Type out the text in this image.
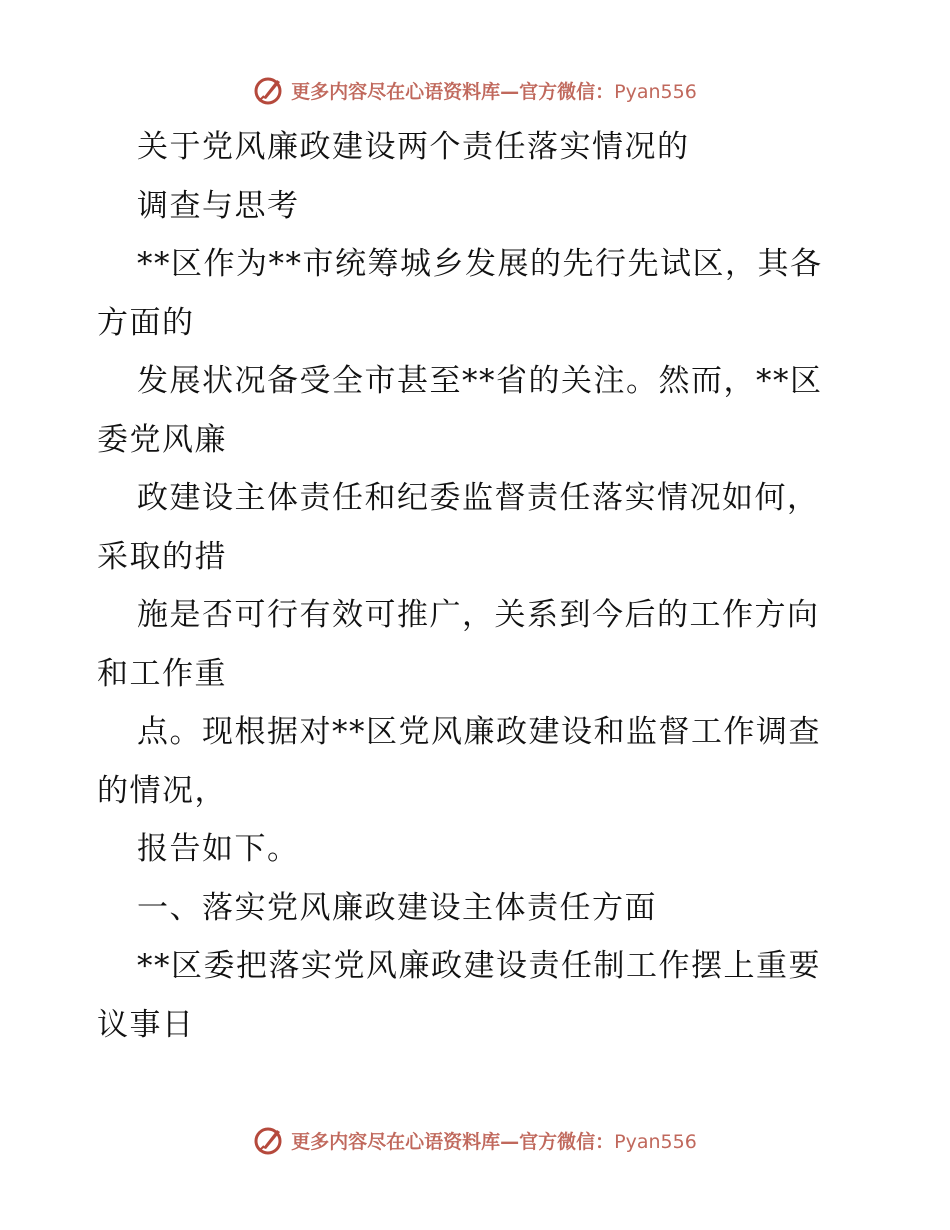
更多内容尽在心语资料库—官方微信：Pyan556
关于党风廉政建设两个责任落实情况的
调查与思考
**区作为**市统筹城乡发展的先行先试区，其各
方面的
发展状况备受全市甚至**省的关注。然而，**区
委党风廉
政建设主体责任和纪委监督责任落实情况如何，
采取的措
施是否可行有效可推广，关系到今后的工作方向
和工作重
点。现根据对**区党风廉政建设和监督工作调查
的情况，
报告如下。
一、落实党风廉政建设主体责任方面
**区委把落实党风廉政建设责任制工作摆上重要
议事日
更多内容尽在心语资料库—官方微信：Pyan556
